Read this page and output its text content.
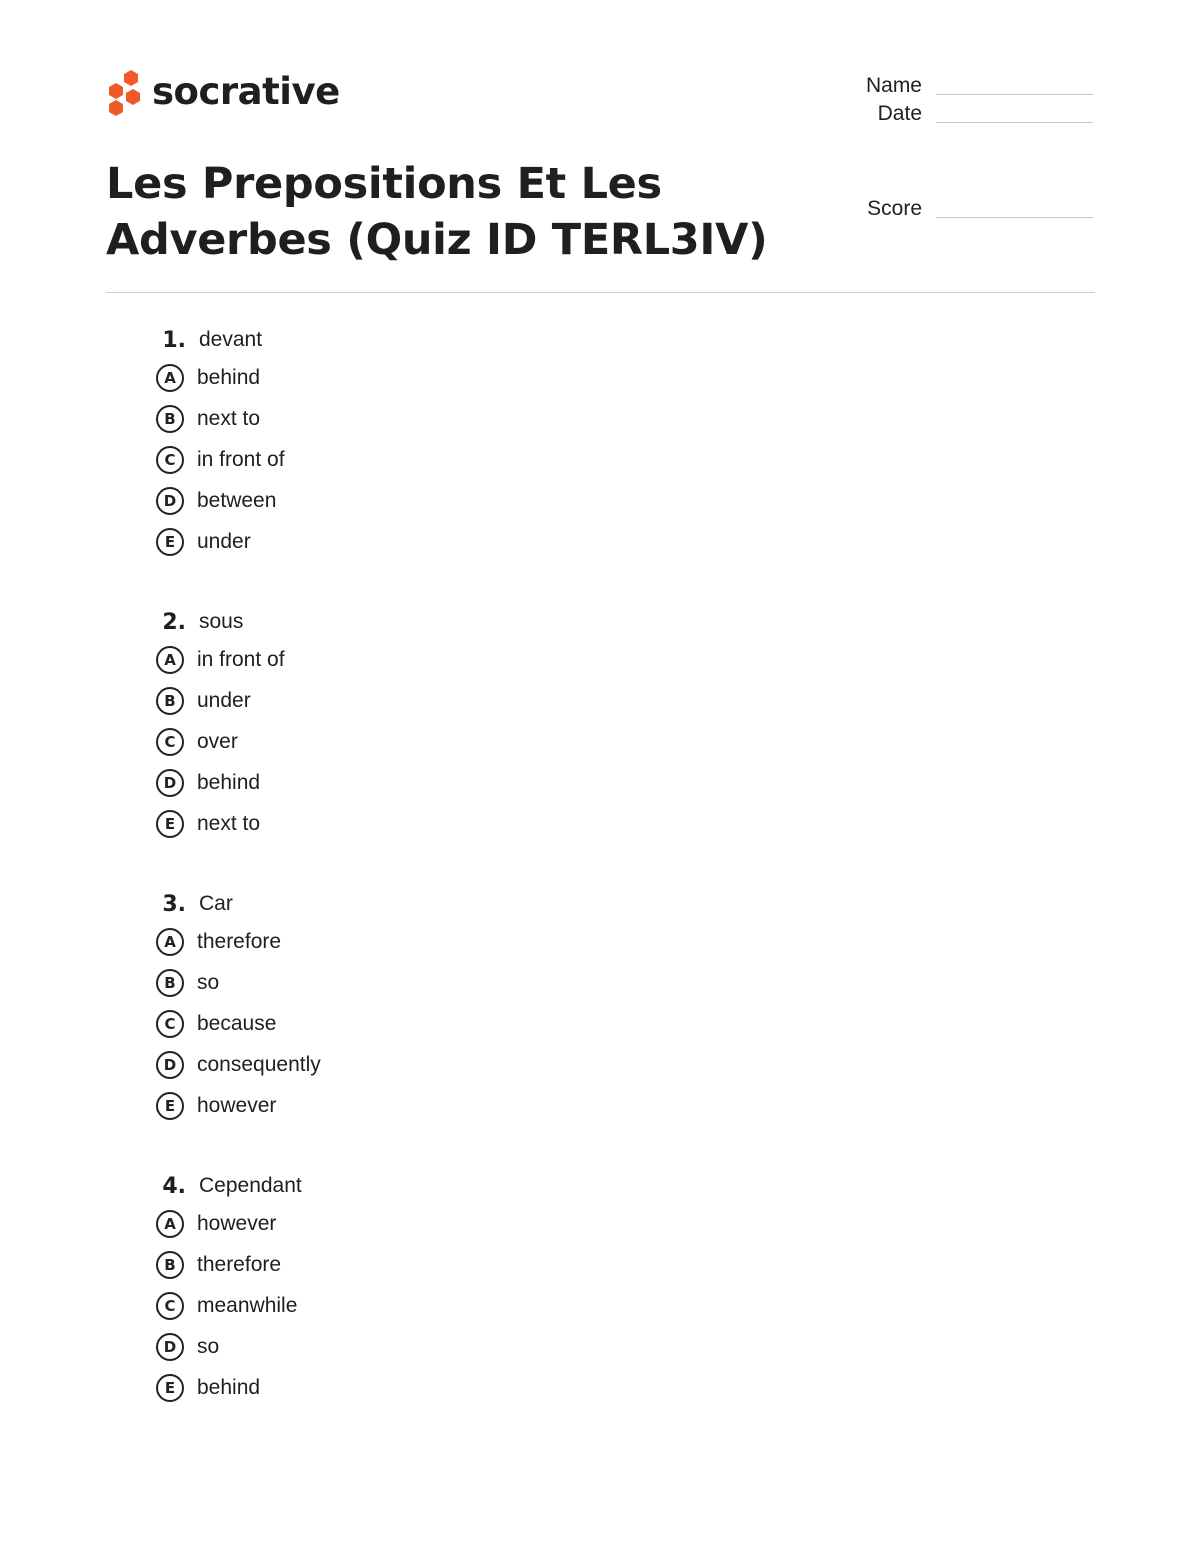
socrative	Name
Date
Score
Les Prepositions Et Les Adverbes (Quiz ID TERL3IV)
1. devant
A	behind
B	next to
C	in front of
D between
E	under
2. sous
A	in front of
B	under
C	over
D behind
E	next to
3. Car
A	therefore
B	so
C	because
D consequently
E	however
4. Cependant
A	however
B	therefore
C	meanwhile
D so
E	behind
